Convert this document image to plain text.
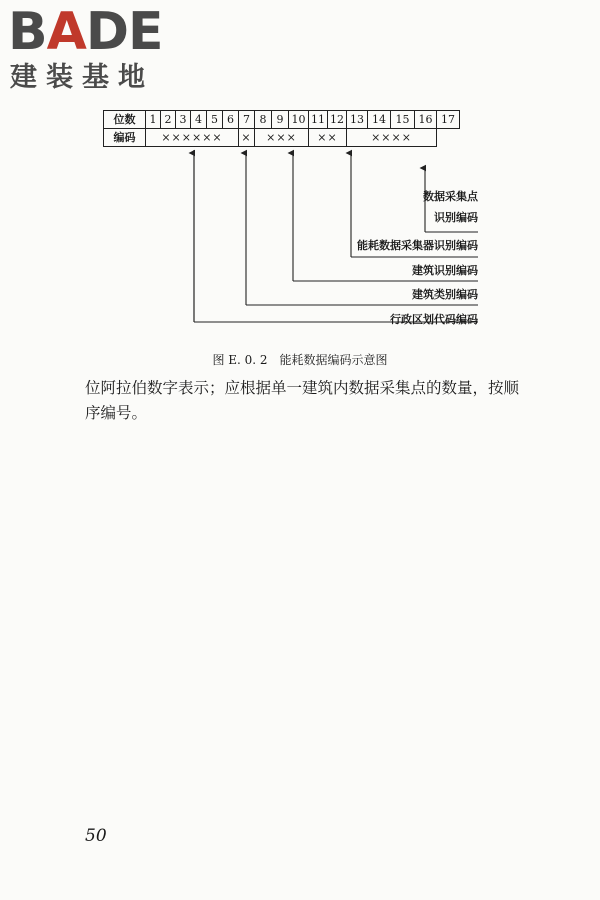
BADE
建装基地
位数	1	2	3	4	5	6	7	8	9	10	11	12	13	14	15	16	17
编码	××××××						×	×××			××		××××				
数据采集点
识别编码
能耗数据采集器识别编码
建筑识别编码
建筑类别编码
行政区划代码编码
图 E. 0. 2　能耗数据编码示意图
位阿拉伯数字表示；应根据单一建筑内数据采集点的数量，按顺序编号。
50
